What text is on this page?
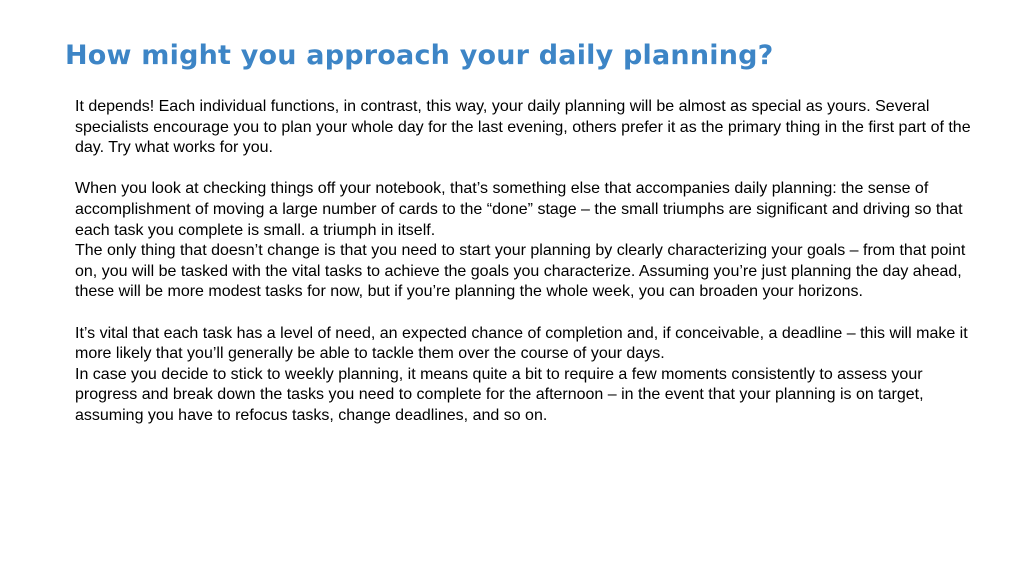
How might you approach your daily planning?

It depends! Each individual functions, in contrast, this way, your daily planning will be almost as special as yours. Several specialists encourage you to plan your whole day for the last evening, others prefer it as the primary thing in the first part of the day. Try what works for you.

When you look at checking things off your notebook, that’s something else that accompanies daily planning: the sense of accomplishment of moving a large number of cards to the “done” stage – the small triumphs are significant and driving so that each task you complete is small. a triumph in itself.

The only thing that doesn’t change is that you need to start your planning by clearly characterizing your goals – from that point on, you will be tasked with the vital tasks to achieve the goals you characterize. Assuming you’re just planning the day ahead, these will be more modest tasks for now, but if you’re planning the whole week, you can broaden your horizons.

It’s vital that each task has a level of need, an expected chance of completion and, if conceivable, a deadline – this will make it more likely that you’ll generally be able to tackle them over the course of your days.

In case you decide to stick to weekly planning, it means quite a bit to require a few moments consistently to assess your progress and break down the tasks you need to complete for the afternoon – in the event that your planning is on target, assuming you have to refocus tasks, change deadlines, and so on.
